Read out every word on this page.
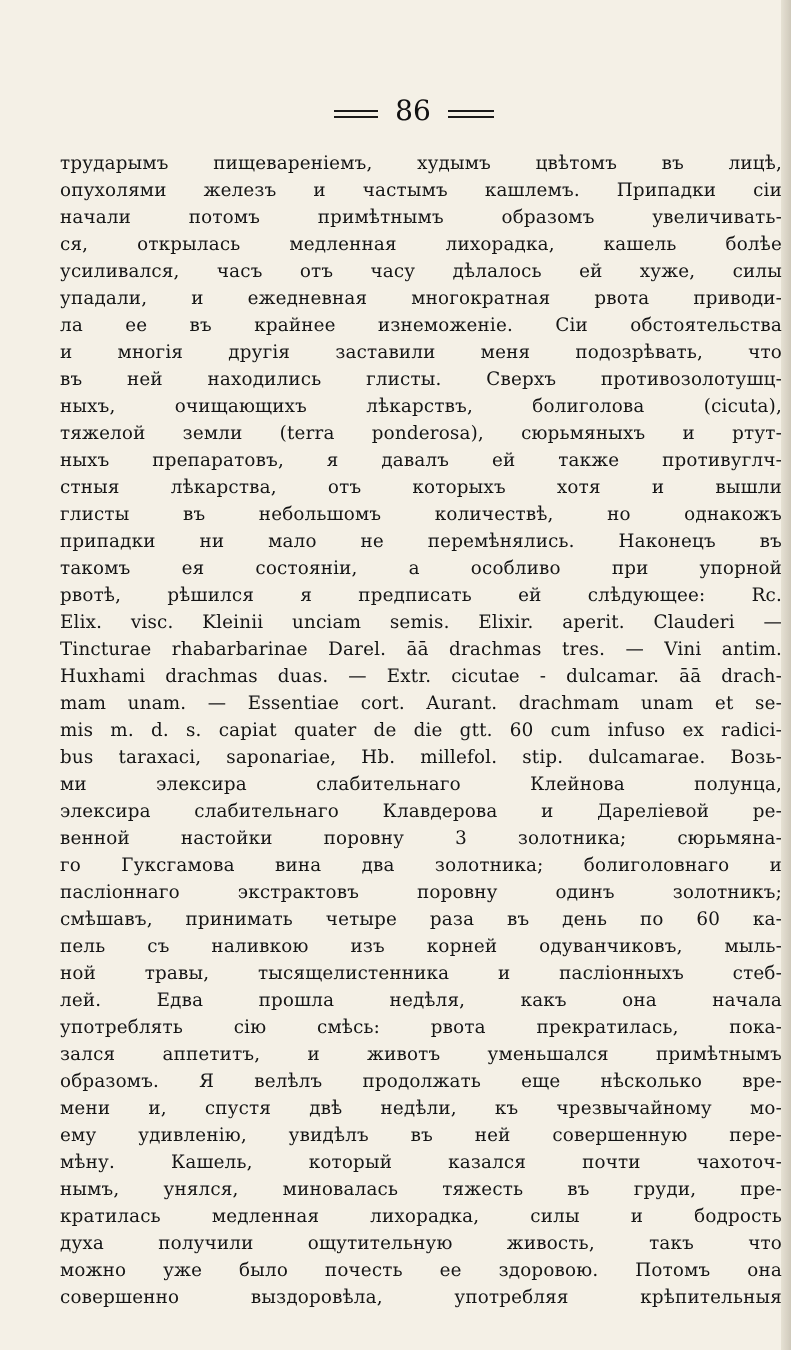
86
трударымъ пищевареніемъ, худымъ цвѣтомъ въ лицѣ,
опухолями железъ и частымъ кашлемъ. Припадки сіи
начали потомъ примѣтнымъ образомъ увеличивать-
ся, открылась медленная лихорадка, кашель болѣе
усиливался, часъ отъ часу дѣлалось ей хуже, силы
упадали, и ежедневная многократная рвота приводи-
ла ее въ крайнее изнеможеніе. Сіи обстоятельства
и многія другія заставили меня подозрѣвать, что
въ ней находились глисты. Сверхъ противозолотушц-
ныхъ, очищающихъ лѣкарствъ, болиголова (cicuta),
тяжелой земли (terra ponderosa), сюрьмяныхъ и ртут-
ныхъ препаратовъ, я давалъ ей также противуглч-
стныя лѣкарства, отъ которыхъ хотя и вышли
глисты въ небольшомъ количествѣ, но однакожъ
припадки ни мало не перемѣнялись. Наконецъ въ
такомъ ея состояніи, а особливо при упорной
рвотѣ, рѣшился я предписать ей слѣдующее: Rc.
Elix. visc. Kleinii unciam semis. Elixir. aperit. Clauderi —
Tincturae rhabarbarinae Darel. āā drachmas tres. — Vini antim.
Huxhami drachmas duas. — Extr. cicutae - dulcamar. āā drach-
mam unam. — Essentiae cort. Aurant. drachmam unam et se-
mis m. d. s. capiat quater de die gtt. 60 cum infuso ex radici-
bus taraxaci, saponariae, Hb. millefol. stip. dulcamarae. Возь-
ми элексира слабительнаго Клейнова полунца,
элексира слабительнаго Клавдерова и Дареліевой ре-
венной настойки поровну 3 золотника; сюрьмяна-
го Гуксгамова вина два золотника; болиголовнаго и
пасліоннаго экстрактовъ поровну одинъ золотникъ;
смѣшавъ, принимать четыре раза въ день по 60 ка-
пель съ наливкою изъ корней одуванчиковъ, мыль-
ной травы, тысящелистенника и пасліонныхъ стеб-
лей. Едва прошла недѣля, какъ она начала
употреблять сію смѣсь: рвота прекратилась, пока-
зался аппетитъ, и животъ уменьшался примѣтнымъ
образомъ. Я велѣлъ продолжать еще нѣсколько вре-
мени и, спустя двѣ недѣли, къ чрезвычайному мо-
ему удивленію, увидѣлъ въ ней совершенную пере-
мѣну. Кашель, который казался почти чахоточ-
нымъ, унялся, миновалась тяжесть въ груди, пре-
кратилась медленная лихорадка, силы и бодрость
духа получили ощутительную живость, такъ что
можно уже было почесть ее здоровою. Потомъ она
совершенно выздоровѣла, употребляя крѣпительныя
